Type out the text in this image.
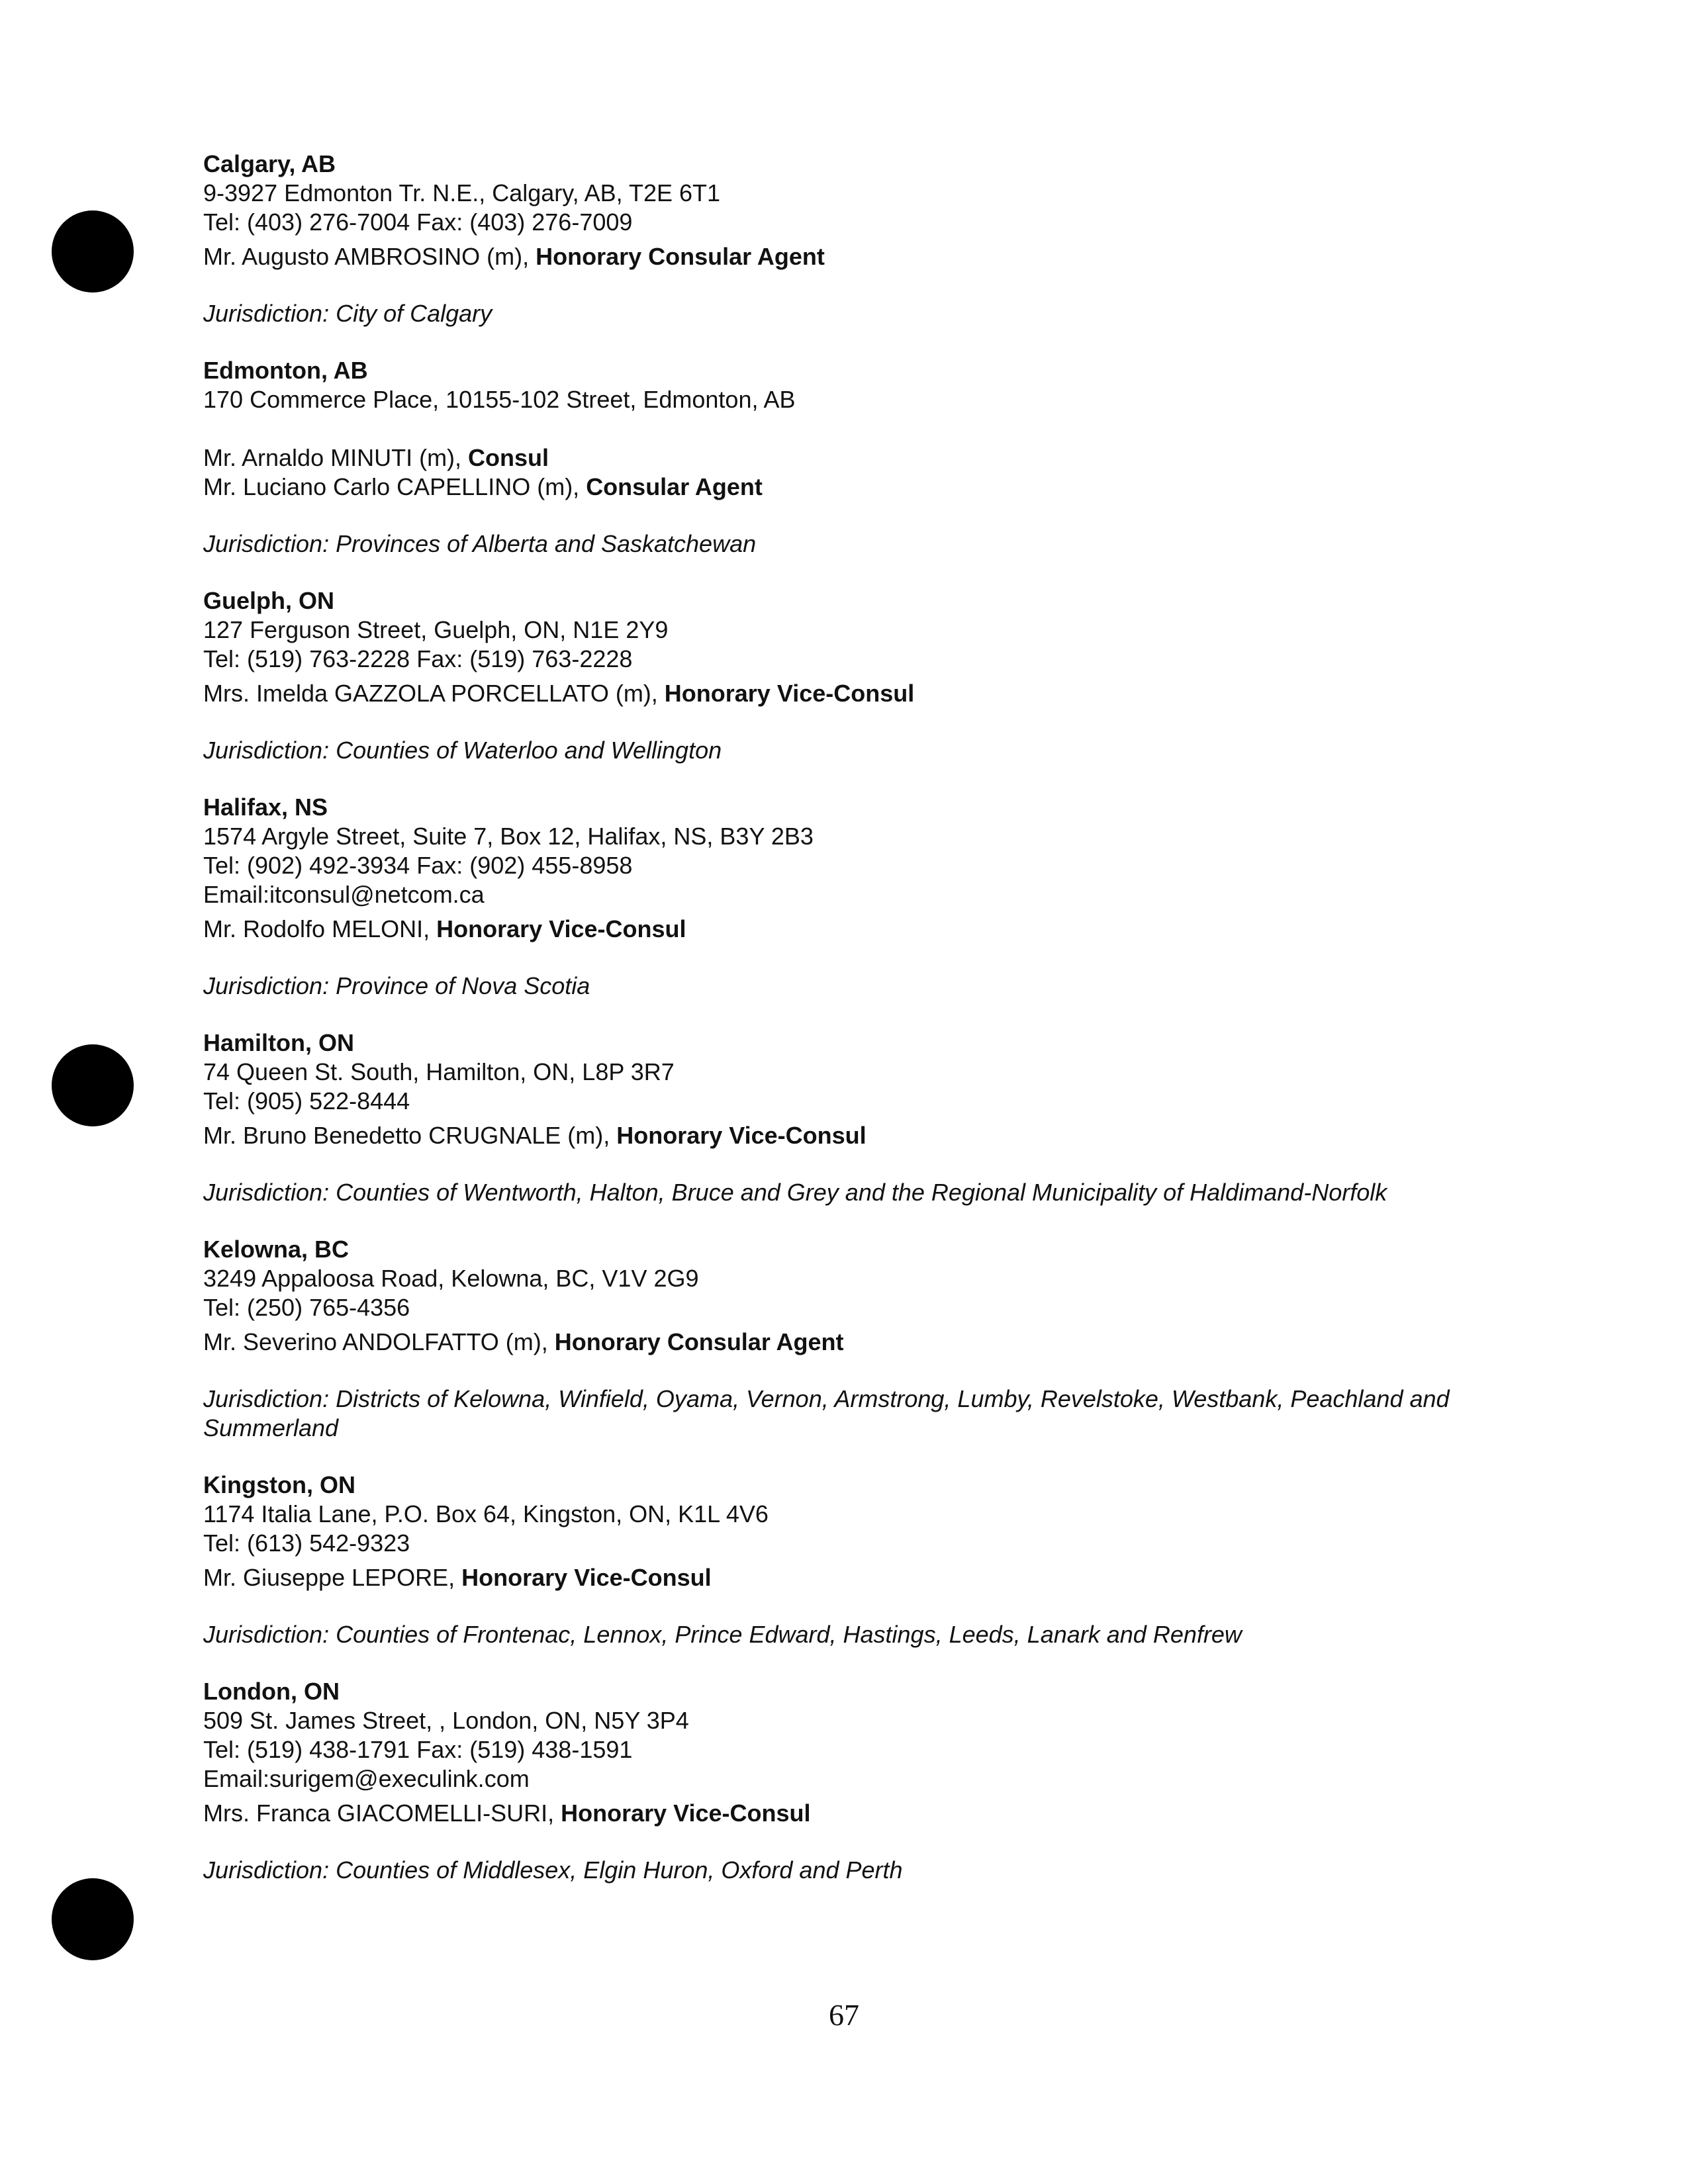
Calgary, AB
9-3927 Edmonton Tr. N.E., Calgary, AB, T2E 6T1
Tel: (403) 276-7004 Fax: (403) 276-7009
Mr. Augusto AMBROSINO (m), Honorary Consular Agent
Jurisdiction: City of Calgary
Edmonton, AB
170 Commerce Place, 10155-102 Street, Edmonton, AB
Mr. Arnaldo MINUTI (m), Consul
Mr. Luciano Carlo CAPELLINO (m), Consular Agent
Jurisdiction: Provinces of Alberta and Saskatchewan
Guelph, ON
127 Ferguson Street, Guelph, ON, N1E 2Y9
Tel: (519) 763-2228 Fax: (519) 763-2228
Mrs. Imelda GAZZOLA PORCELLATO (m), Honorary Vice-Consul
Jurisdiction: Counties of Waterloo and Wellington
Halifax, NS
1574 Argyle Street, Suite 7, Box 12, Halifax, NS, B3Y 2B3
Tel: (902) 492-3934 Fax: (902) 455-8958
Email:itconsul@netcom.ca
Mr. Rodolfo MELONI, Honorary Vice-Consul
Jurisdiction: Province of Nova Scotia
Hamilton, ON
74 Queen St. South, Hamilton, ON, L8P 3R7
Tel: (905) 522-8444
Mr. Bruno Benedetto CRUGNALE (m), Honorary Vice-Consul
Jurisdiction: Counties of Wentworth, Halton, Bruce and Grey and the Regional Municipality of Haldimand-Norfolk
Kelowna, BC
3249 Appaloosa Road, Kelowna, BC, V1V 2G9
Tel: (250) 765-4356
Mr. Severino ANDOLFATTO (m), Honorary Consular Agent
Jurisdiction: Districts of Kelowna, Winfield, Oyama, Vernon, Armstrong, Lumby, Revelstoke, Westbank, Peachland and Summerland
Kingston, ON
1174 Italia Lane, P.O. Box 64, Kingston, ON, K1L 4V6
Tel: (613) 542-9323
Mr. Giuseppe LEPORE, Honorary Vice-Consul
Jurisdiction: Counties of Frontenac, Lennox, Prince Edward, Hastings, Leeds, Lanark and Renfrew
London, ON
509 St. James Street, , London, ON, N5Y 3P4
Tel: (519) 438-1791 Fax: (519) 438-1591
Email:surigem@execulink.com
Mrs. Franca GIACOMELLI-SURI, Honorary Vice-Consul
Jurisdiction: Counties of Middlesex, Elgin Huron, Oxford and Perth
67
